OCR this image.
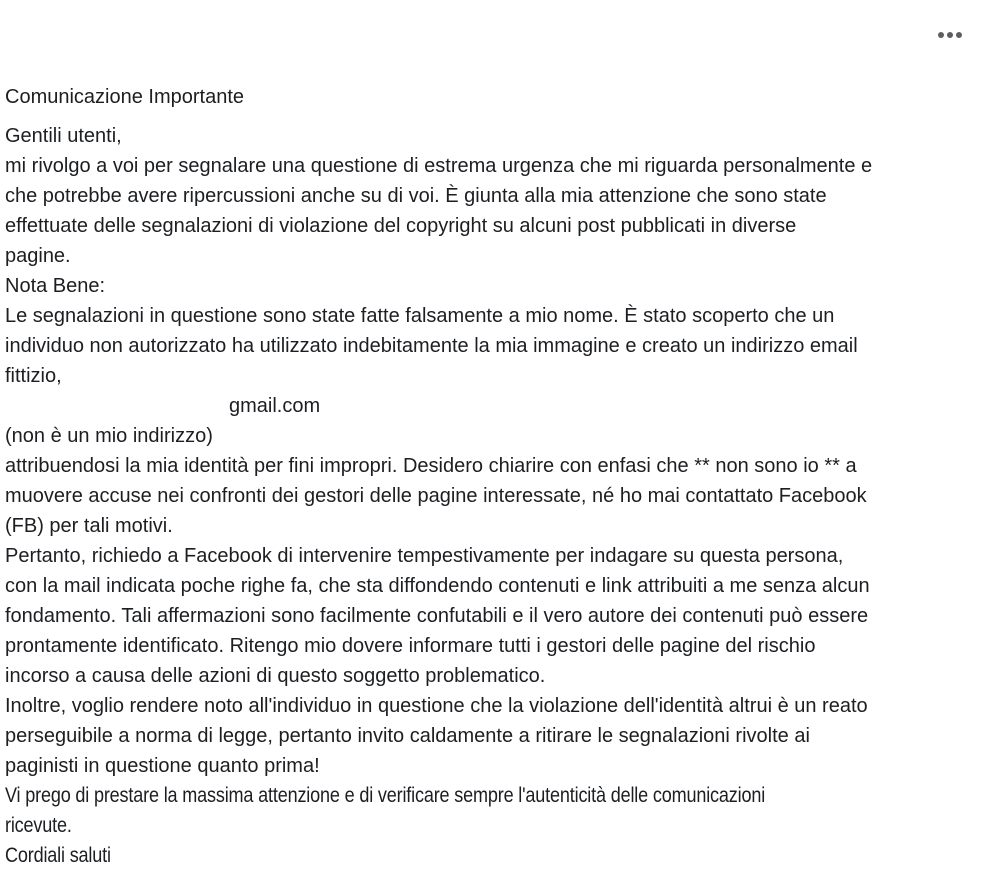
Comunicazione Importante

Gentili utenti,

mi rivolgo a voi per segnalare una questione di estrema urgenza che mi riguarda personalmente e

che potrebbe avere ripercussioni anche su di voi. È giunta alla mia attenzione che sono state

effettuate delle segnalazioni di violazione del copyright su alcuni post pubblicati in diverse

pagine.

Nota Bene:

Le segnalazioni in questione sono state fatte falsamente a mio nome. È stato scoperto che un

individuo non autorizzato ha utilizzato indebitamente la mia immagine e creato un indirizzo email

fittizio,

gmail.com

(non è un mio indirizzo)

attribuendosi la mia identità per fini impropri. Desidero chiarire con enfasi che ** non sono io ** a

muovere accuse nei confronti dei gestori delle pagine interessate, né ho mai contattato Facebook

(FB) per tali motivi.

Pertanto, richiedo a Facebook di intervenire tempestivamente per indagare su questa persona,

con la mail indicata poche righe fa, che sta diffondendo contenuti e link attribuiti a me senza alcun

fondamento. Tali affermazioni sono facilmente confutabili e il vero autore dei contenuti può essere

prontamente identificato. Ritengo mio dovere informare tutti i gestori delle pagine del rischio

incorso a causa delle azioni di questo soggetto problematico.

Inoltre, voglio rendere noto all'individuo in questione che la violazione dell'identità altrui è un reato

perseguibile a norma di legge, pertanto invito caldamente a ritirare le segnalazioni rivolte ai

paginisti in questione quanto prima!

Vi prego di prestare la massima attenzione e di verificare sempre l'autenticità delle comunicazioni

ricevute.

Cordiali saluti
